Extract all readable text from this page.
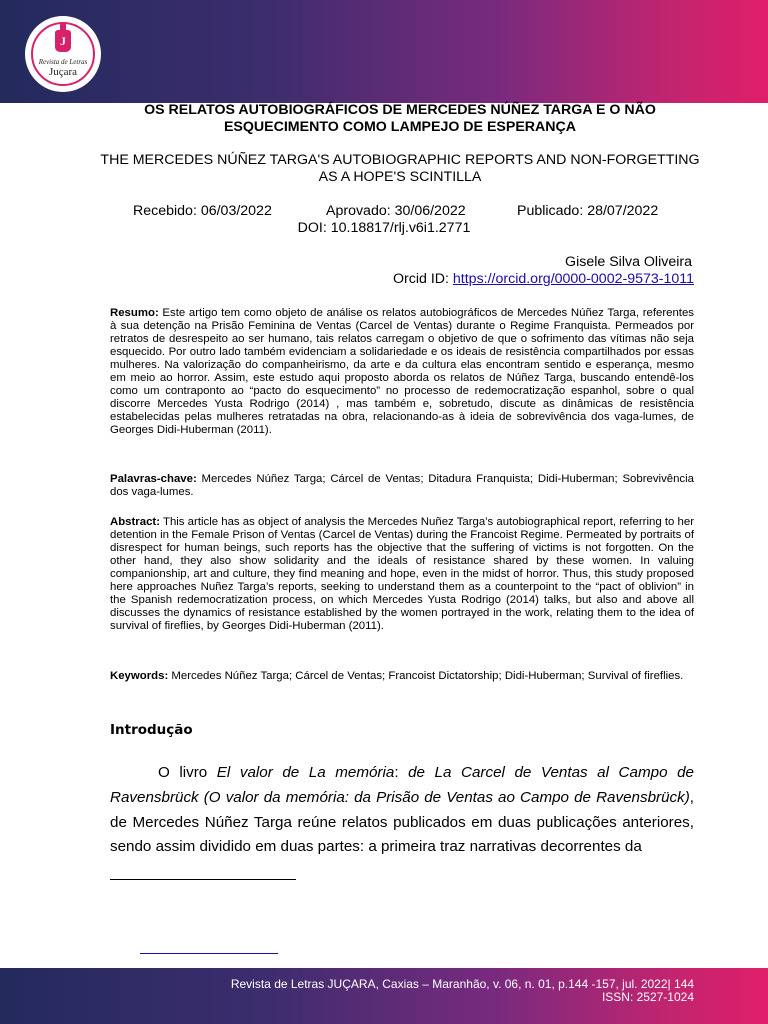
J
Revista de Letras
Juçara
OS RELATOS AUTOBIOGRÁFICOS DE MERCEDES NÚÑEZ TARGA E O NÃO ESQUECIMENTO COMO LAMPEJO DE ESPERANÇA
THE MERCEDES NÚÑEZ TARGA'S AUTOBIOGRAPHIC REPORTS AND NON-FORGETTING AS A HOPE'S SCINTILLA
Recebido: 06/03/2022	Aprovado: 30/06/2022	Publicado: 28/07/2022
DOI: 10.18817/rlj.v6i1.2771
Gisele Silva Oliveira
Orcid ID: https://orcid.org/0000-0002-9573-1011
Resumo: Este artigo tem como objeto de análise os relatos autobiográficos de Mercedes Núñez Targa, referentes à sua detenção na Prisão Feminina de Ventas (Carcel de Ventas) durante o Regime Franquista. Permeados por retratos de desrespeito ao ser humano, tais relatos carregam o objetivo de que o sofrimento das vítimas não seja esquecido. Por outro lado também evidenciam a solidariedade e os ideais de resistência compartilhados por essas mulheres. Na valorização do companheirismo, da arte e da cultura elas encontram sentido e esperança, mesmo em meio ao horror. Assim, este estudo aqui proposto aborda os relatos de Núñez Targa, buscando entendê-los como um contraponto ao “pacto do esquecimento” no processo de redemocratização espanhol, sobre o qual discorre Mercedes Yusta Rodrigo (2014) , mas também e, sobretudo, discute as dinâmicas de resistência estabelecidas pelas mulheres retratadas na obra, relacionando-as à ideia de sobrevivência dos vaga-lumes, de Georges Didi-Huberman (2011).
Palavras-chave: Mercedes Núñez Targa; Cárcel de Ventas; Ditadura Franquista; Didi-Huberman; Sobrevivência dos vaga-lumes.
Abstract: This article has as object of analysis the Mercedes Nuñez Targa’s autobiographical report, referring to her detention in the Female Prison of Ventas (Carcel de Ventas) during the Francoist Regime. Permeated by portraits of disrespect for human beings, such reports has the objective that the suffering of victims is not forgotten. On the other hand, they also show solidarity and the ideals of resistance shared by these women. In valuing companionship, art and culture, they find meaning and hope, even in the midst of horror. Thus, this study proposed here approaches Nuñez Targa’s reports, seeking to understand them as a counterpoint to the “pact of oblivion” in the Spanish redemocratization process, on which Mercedes Yusta Rodrigo (2014) talks, but also and above all discusses the dynamics of resistance established by the women portrayed in the work, relating them to the idea of survival of fireflies, by Georges Didi-Huberman (2011).
Keywords: Mercedes Núñez Targa; Cárcel de Ventas; Francoist Dictatorship; Didi-Huberman; Survival of fireflies.
Introdução
O livro El valor de La memória: de La Carcel de Ventas al Campo de Ravensbrück (O valor da memória: da Prisão de Ventas ao Campo de Ravensbrück), de Mercedes Núñez Targa reúne relatos publicados em duas publicações anteriores, sendo assim dividido em duas partes: a primeira traz narrativas decorrentes da
Revista de Letras JUÇARA, Caxias – Maranhão, v. 06, n. 01, p.144 -157, jul. 2022| 144
ISSN: 2527-1024
